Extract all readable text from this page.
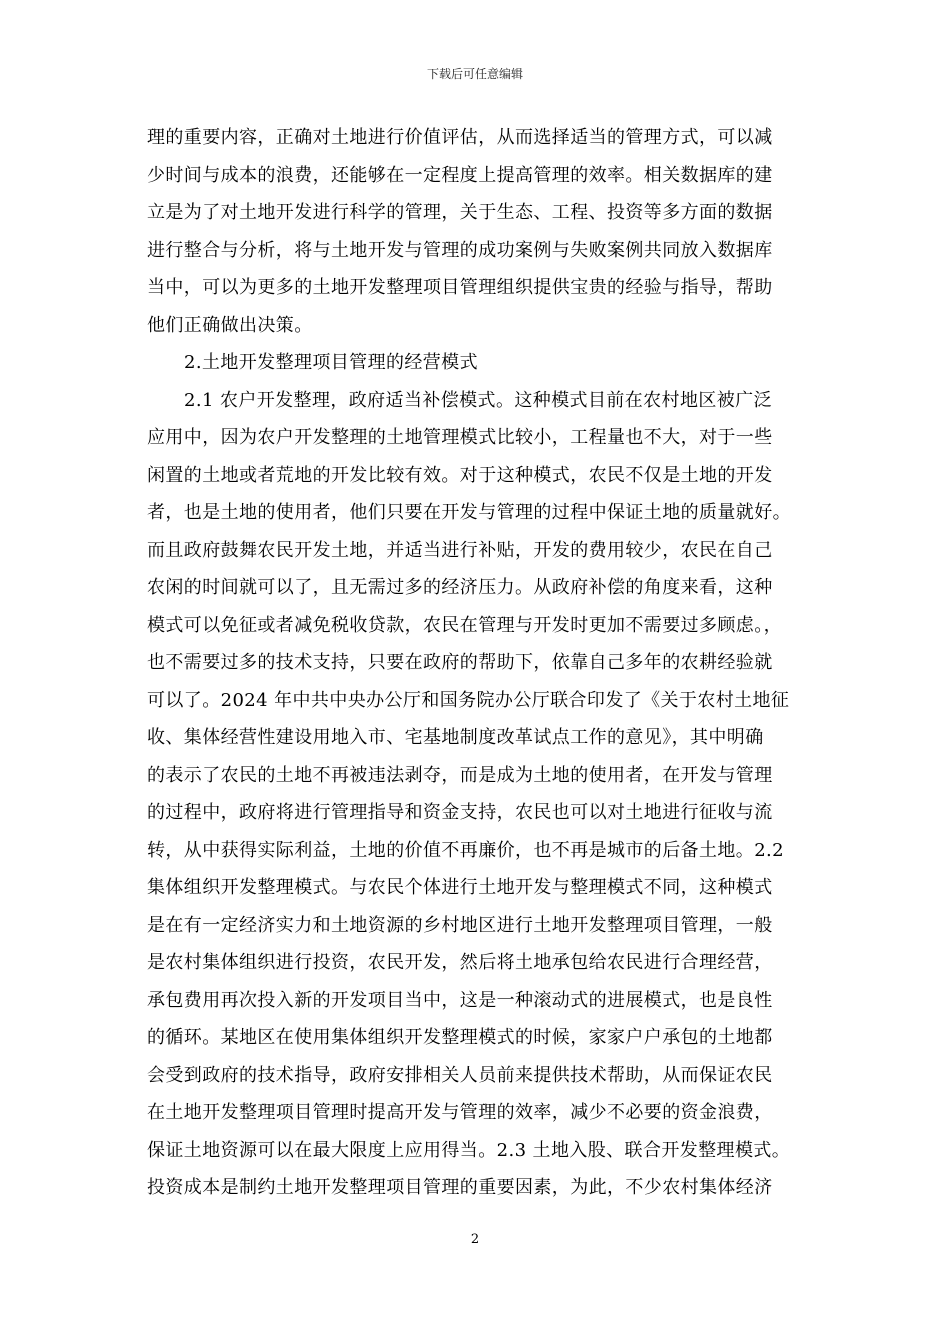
下载后可任意编辑
理的重要内容，正确对土地进行价值评估，从而选择适当的管理方式，可以减
少时间与成本的浪费，还能够在一定程度上提高管理的效率。相关数据库的建
立是为了对土地开发进行科学的管理，关于生态、工程、投资等多方面的数据
进行整合与分析，将与土地开发与管理的成功案例与失败案例共同放入数据库
当中，可以为更多的土地开发整理项目管理组织提供宝贵的经验与指导，帮助
他们正确做出决策。
2.土地开发整理项目管理的经营模式
2.1 农户开发整理，政府适当补偿模式。这种模式目前在农村地区被广泛
应用中，因为农户开发整理的土地管理模式比较小，工程量也不大，对于一些
闲置的土地或者荒地的开发比较有效。对于这种模式，农民不仅是土地的开发
者，也是土地的使用者，他们只要在开发与管理的过程中保证土地的质量就好。
而且政府鼓舞农民开发土地，并适当进行补贴，开发的费用较少，农民在自己
农闲的时间就可以了，且无需过多的经济压力。从政府补偿的角度来看，这种
模式可以免征或者减免税收贷款，农民在管理与开发时更加不需要过多顾虑。，
也不需要过多的技术支持，只要在政府的帮助下，依靠自己多年的农耕经验就
可以了。2024 年中共中央办公厅和国务院办公厅联合印发了《关于农村土地征
收、集体经营性建设用地入市、宅基地制度改革试点工作的意见》，其中明确
的表示了农民的土地不再被违法剥夺，而是成为土地的使用者，在开发与管理
的过程中，政府将进行管理指导和资金支持，农民也可以对土地进行征收与流
转，从中获得实际利益，土地的价值不再廉价，也不再是城市的后备土地。2.2
集体组织开发整理模式。与农民个体进行土地开发与整理模式不同，这种模式
是在有一定经济实力和土地资源的乡村地区进行土地开发整理项目管理，一般
是农村集体组织进行投资，农民开发，然后将土地承包给农民进行合理经营，
承包费用再次投入新的开发项目当中，这是一种滚动式的进展模式，也是良性
的循环。某地区在使用集体组织开发整理模式的时候，家家户户承包的土地都
会受到政府的技术指导，政府安排相关人员前来提供技术帮助，从而保证农民
在土地开发整理项目管理时提高开发与管理的效率，减少不必要的资金浪费，
保证土地资源可以在最大限度上应用得当。2.3 土地入股、联合开发整理模式。
投资成本是制约土地开发整理项目管理的重要因素，为此，不少农村集体经济
2
